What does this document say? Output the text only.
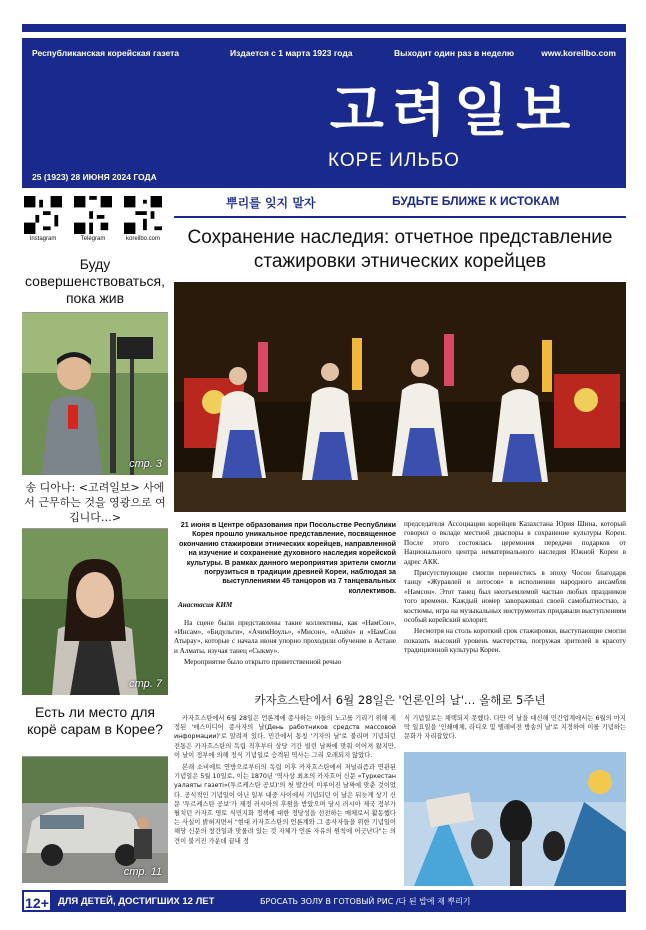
Республиканская корейская газета	Издается с 1 марта 1923 года	Выходит один раз в неделю	www.koreilbo.com
고려일보
КОРЕ ИЛЬБО
25 (1923) 28 ИЮНЯ 2024 ГОДА
Instagram	Telegram	koreilbo.com
뿌리를 잊지 말자	БУДЬТЕ БЛИЖЕ К ИСТОКАМ
Буду совершенствоваться, пока жив
стр. 3
송 디아나: <고려일보> 사에서 근무하는 것을 영광으로 여깁니다…>
стр. 7
Есть ли место для корё сарам в Корее?
стр. 11
Сохранение наследия: отчетное представление стажировки этнических корейцев
21 июня в Центре образования при Посольстве Республики Корея прошло уникальное представление, посвященное окончанию стажировки этнических корейцев, направленной на изучение и сохранение духовного наследия корейской культуры. В рамках данного мероприятия зрители смогли погрузиться в традиции древней Кореи, наблюдая за выступлениями 45 танцоров из 7 танцевальных коллективов.
Анастасия КИМ

На сцене были представлены такие коллективы, как «НамСон», «Инсам», «Бидульги», «АчимНоуль», «Мисон», «Ашён» и «НамСон Атырау», которые с начала июня упорно проходили обучение в Астане и Алматы, изучая танец «Сыкму».

Мероприятие было открыто приветственной речью

председателя Ассоциации корейцев Казахстана Юрия Шина, который говорил о вкладе местной диаспоры в сохранение культуры Кореи. После этого состоялась церемония передачи подарков от Национального центра нематериального наследия Южной Кореи в адрес АКК.

Присутствующие смогли перенестись в эпоху Чосон благодаря танцу «Журавлей и лотосов» в исполнении народного ансамбля «Намсон». Этот танец был неотъемлемой частью любых праздников того времени. Каждый номер завораживал своей самобытностью, а костюмы, игра на музыкальных инструментах придавали выступлениям особый корейский колорит.

Несмотря на столь короткий срок стажировки, выступающие смогли показать высокий уровень мастерства, погружая зрителей в красоту традиционной культуры Кореи.

카자흐스탄에서 6월 28일은 '언론인의 날'… 올해로 5주년

카자흐스탄에서 6월 28일은 언론계에 종사하는 이들의 노고를 기리기 위해 제정된 '매스미디어 종사자의 날(День работников средств массовой информации)'로 알려져 있다. 민간에서 통칭 '기자의 날'로 불리며 기념되던 전통은 카자흐스탄의 독립 직후부터 상당 기간 빌린 날짜에 맞춰 이어져 왔지만, 이 날이 정부에 의해 정식 기념일로 승격된 역사는 그리 오래되지 않았다.

본래 소비에트 연방으로부터의 독립 이후 카자흐스탄에서 저널리즘과 연관된 기념일은 5월 10일로, 이는 1870년 '역사상 최초의 카자흐어 신문 «Туркестан уалаяты газеті»(투르케스탄 공보)'의 첫 발간이 이루어진 날짜에 맞춘 것이었다. 공식적인 기념일이 아닌 일부 대중 사이에서 기념되던 이 날은 뒤늦게 상기 신문 '투르케스탄 공보'가 제정 러시아의 후원을 받았으며 당시 러시아 제국 정부가 펼치던 카자흐 영토 식민지화 정책에 대한 정당성을 선전하는 매체로서 활동했다는 사실이 밝혀지면서 "현대 카자흐스탄의 언론계와 그 종사자들을 위한 기념일이 해당 신문의 창간일과 맞물려 있는 것 자체가 언론 자유의 원칙에 어긋난다"는 의견이 불거진 가운데 끝내 정

식 기념일로는 채택되지 못했다. 다만 이 날을 대신해 민간업계에서는 6월의 마지막 일요일을 '인쇄매체, 라디오 및 텔레비전 방송의 날'로 지정하여 이를 기념하는 문화가 자리잡았다.

12+ ДЛЯ ДЕТЕЙ, ДОСТИГШИХ 12 ЛЕТ	БРОСАТЬ ЗОЛУ В ГОТОВЫЙ РИС /다 된 밥에 재 뿌리기
